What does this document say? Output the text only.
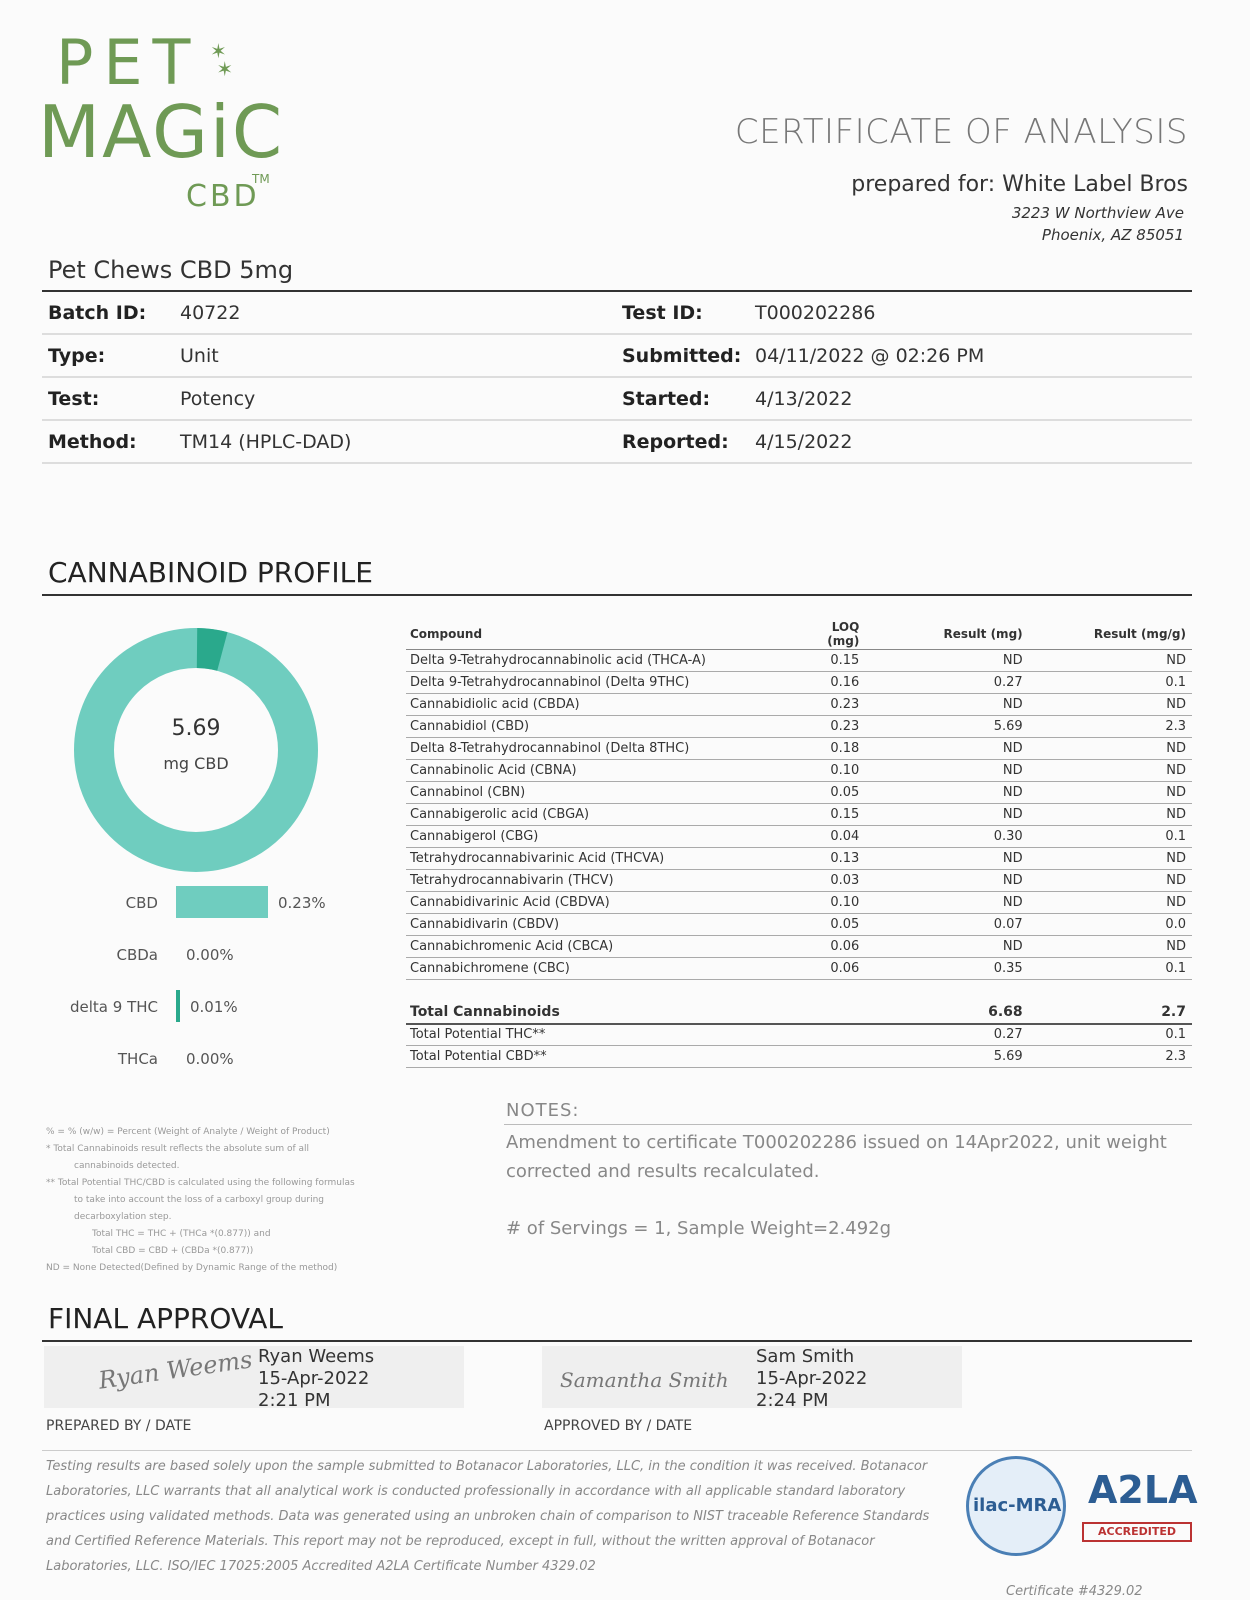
PET ✶
✶
MAGiC
TM
CBD
CERTIFICATE OF ANALYSIS
prepared for: White Label Bros
3223 W Northview Ave
Phoenix, AZ 85051
Pet Chews CBD 5mg
Batch ID: 40722	Test ID:	T000202286
Type:	Unit	Submitted: 04/11/2022 @ 02:26 PM
Test:	Potency	Started: 4/13/2022
Method: TM14 (HPLC-DAD)	Reported: 4/15/2022
CANNABINOID PROFILE
5.69
mg CBD
CBD	0.23%
CBDa 0.00%
delta 9 THC 0.01%
THCa 0.00%
Compound	LOQ (mg)	Result (mg)	Result (mg/g)
Delta 9-Tetrahydrocannabinolic acid (THCA-A)	0.15	ND	ND
Delta 9-Tetrahydrocannabinol (Delta 9THC)	0.16	0.27	0.1
Cannabidiolic acid (CBDA)	0.23	ND	ND
Cannabidiol (CBD)	0.23	5.69	2.3
Delta 8-Tetrahydrocannabinol (Delta 8THC)	0.18	ND	ND
Cannabinolic Acid (CBNA)	0.10	ND	ND
Cannabinol (CBN)	0.05	ND	ND
Cannabigerolic acid (CBGA)	0.15	ND	ND
Cannabigerol (CBG)	0.04	0.30	0.1
Tetrahydrocannabivarinic Acid (THCVA)	0.13	ND	ND
Tetrahydrocannabivarin (THCV)	0.03	ND	ND
Cannabidivarinic Acid (CBDVA)	0.10	ND	ND
Cannabidivarin (CBDV)	0.05	0.07	0.0
Cannabichromenic Acid (CBCA)	0.06	ND	ND
Cannabichromene (CBC)	0.06	0.35	0.1

Total Cannabinoids		6.68	2.7
Total Potential THC**		0.27	0.1
Total Potential CBD**		5.69	2.3
% = % (w/w) = Percent (Weight of Analyte / Weight of Product)
* Total Cannabinoids result reflects the absolute sum of all
cannabinoids detected.
** Total Potential THC/CBD is calculated using the following formulas
to take into account the loss of a carboxyl group during
decarboxylation step.
Total THC = THC + (THCa *(0.877)) and
Total CBD = CBD + (CBDa *(0.877))
ND = None Detected(Defined by Dynamic Range of the method)
NOTES:
Amendment to certificate T000202286 issued on 14Apr2022, unit weight corrected and results recalculated.
# of Servings = 1, Sample Weight=2.492g
FINAL APPROVAL
Ryan Weems Ryan Weems
15-Apr-2022
2:21 PM
PREPARED BY / DATE
Samantha Smith
Sam Smith
15-Apr-2022
2:24 PM
APPROVED BY / DATE
Testing results are based solely upon the sample submitted to Botanacor Laboratories, LLC, in the condition it was received. Botanacor Laboratories, LLC warrants that all analytical work is conducted professionally in accordance with all applicable standard laboratory practices using validated methods. Data was generated using an unbroken chain of comparison to NIST traceable Reference Standards and Certified Reference Materials. This report may not be reproduced, except in full, without the written approval of Botanacor Laboratories, LLC. ISO/IEC 17025:2005 Accredited A2LA Certificate Number 4329.02
ilac-MRA A2LA
ACCREDITED
Certificate #4329.02
